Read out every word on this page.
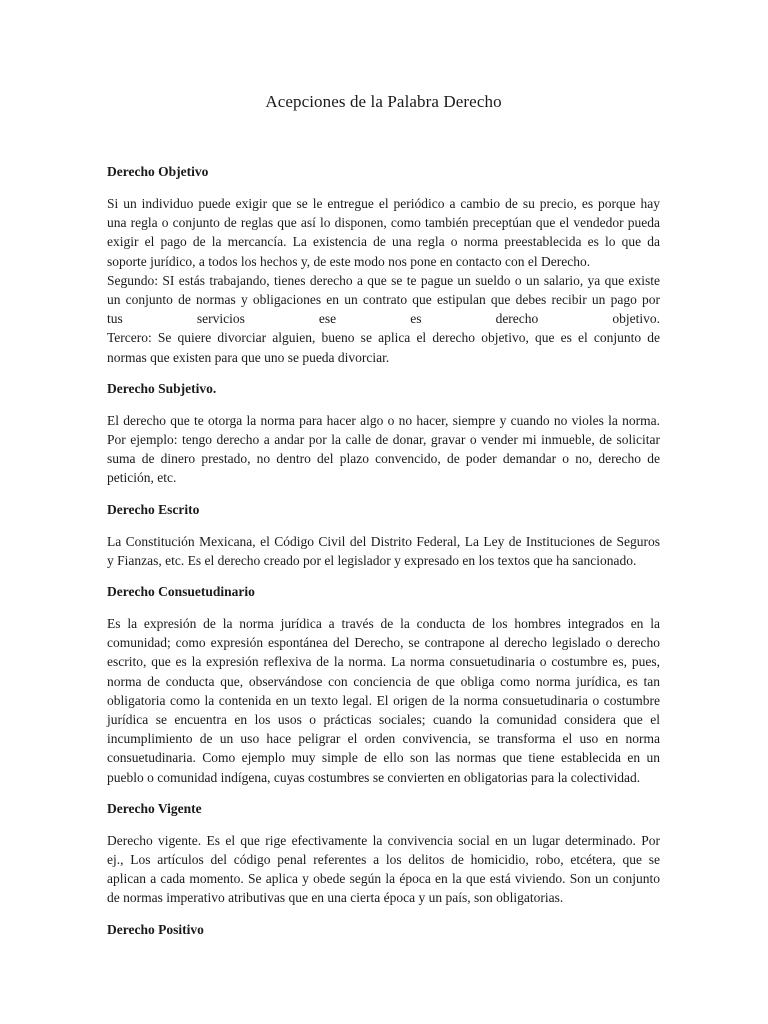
Acepciones de la Palabra Derecho
Derecho Objetivo
Si un individuo puede exigir que se le entregue el periódico a cambio de su precio, es porque hay
una regla o conjunto de reglas que así lo disponen, como también preceptúan que el vendedor pueda
exigir el pago de la mercancía. La existencia de una regla o norma preestablecida es lo que da
soporte jurídico, a todos los hechos y, de este modo nos pone en contacto con el Derecho.
Segundo: SI estás trabajando, tienes derecho a que se te pague un sueldo o un salario, ya que existe
un conjunto de normas y obligaciones en un contrato que estipulan que debes recibir un pago por
tus servicios ese es derecho objetivo.
Tercero: Se quiere divorciar alguien, bueno se aplica el derecho objetivo, que es el conjunto de
normas que existen para que uno se pueda divorciar.
Derecho Subjetivo.
El derecho que te otorga la norma para hacer algo o no hacer, siempre y cuando no violes la norma.
Por ejemplo: tengo derecho a andar por la calle de donar, gravar o vender mi inmueble, de solicitar
suma de dinero prestado, no dentro del plazo convencido, de poder demandar o no, derecho de
petición, etc.
Derecho Escrito
La Constitución Mexicana, el Código Civil del Distrito Federal, La Ley de Instituciones de Seguros
y Fianzas, etc. Es el derecho creado por el legislador y expresado en los textos que ha sancionado.
Derecho Consuetudinario
Es la expresión de la norma jurídica a través de la conducta de los hombres integrados en la
comunidad; como expresión espontánea del Derecho, se contrapone al derecho legislado o derecho
escrito, que es la expresión reflexiva de la norma. La norma consuetudinaria o costumbre es, pues,
norma de conducta que, observándose con conciencia de que obliga como norma jurídica, es tan
obligatoria como la contenida en un texto legal. El origen de la norma consuetudinaria o costumbre
jurídica se encuentra en los usos o prácticas sociales; cuando la comunidad considera que el
incumplimiento de un uso hace peligrar el orden convivencia, se transforma el uso en norma
consuetudinaria. Como ejemplo muy simple de ello son las normas que tiene establecida en un
pueblo o comunidad indígena, cuyas costumbres se convierten en obligatorias para la colectividad.
Derecho Vigente
Derecho vigente. Es el que rige efectivamente la convivencia social en un lugar determinado. Por
ej., Los artículos del código penal referentes a los delitos de homicidio, robo, etcétera, que se
aplican a cada momento. Se aplica y obede según la época en la que está viviendo. Son un conjunto
de normas imperativo atributivas que en una cierta época y un país, son obligatorias.
Derecho Positivo
